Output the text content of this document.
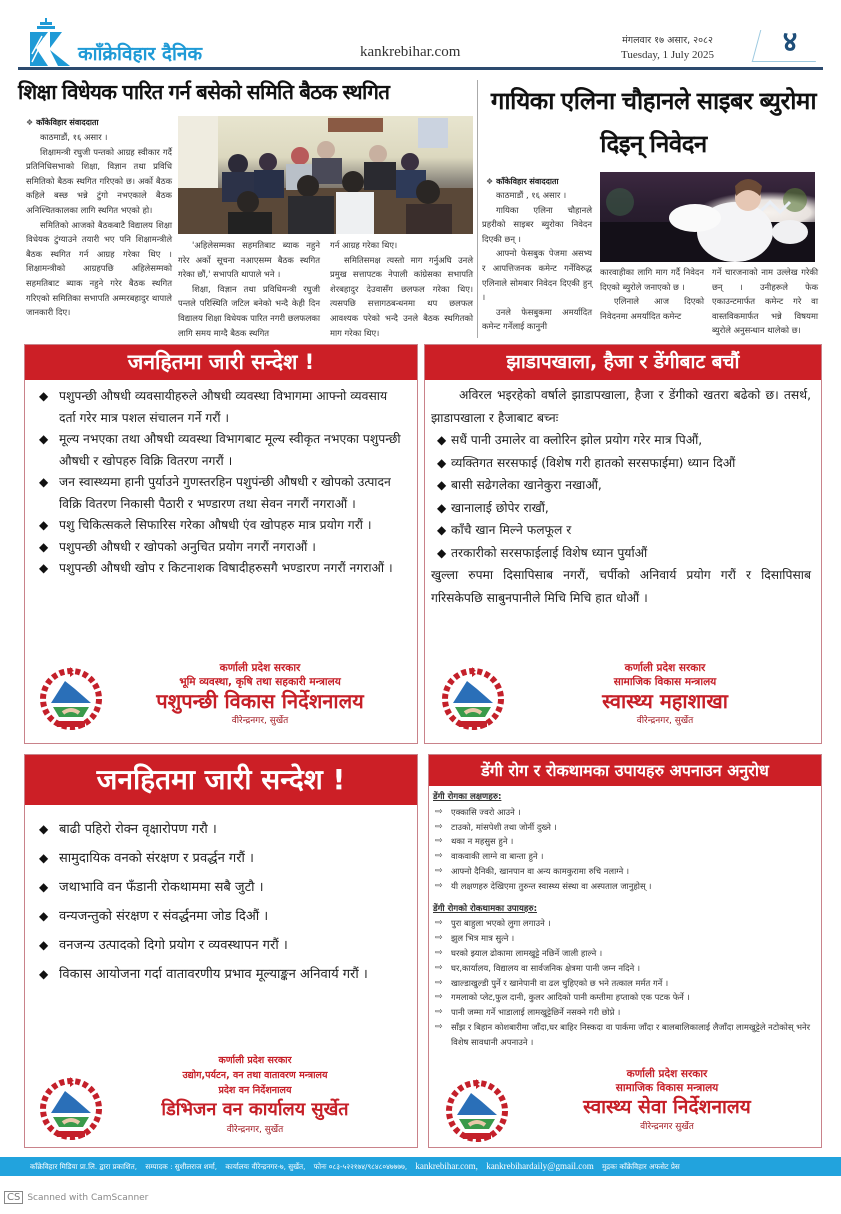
कााँक्रेविहार दैनिक	kankrebihar.com
मंगलवार १७ असार, २०८२
Tuesday, 1 July 2025	४
शिक्षा विधेयक पारित गर्न बसेको समिति बैठक स्थगित
❖ काँकेविहार संवाददाता

काठमाडौं, १६ असार ।

शिक्षामन्त्री रघुजी पन्तको आग्रह स्वीकार गर्दै प्रतिनिधिसभाको शिक्षा, विज्ञान तथा प्रविधि समितिको बैठक स्थगित गरिएको छ। अर्को बैठक कहिले बस्छ भन्ने टुंगो नभएकाले बैठक अनिश्चितकालका लागि स्थगित भएको हो।

समितिको आजको बैठकबाटै विद्यालय शिक्षा विधेयक टुंग्याउने तयारी भए पनि शिक्षामन्त्रीले बैठक स्थगित गर्न आग्रह गरेका थिए । शिक्षामन्त्रीको आग्रहपछि अहिलेसम्मको सहमतिबाट ब्याक नहुने गरेर बैठक स्थगित गरिएको समितिका सभापति अम्मरबहादुर थापाले जानकारी दिए।

'अहिलेसम्मका सहमतिबाट ब्याक नहुने गरेर अर्को सूचना नआएसम्म बैठक स्थगित गरेका छौं,' सभापति थापाले भने ।

शिक्षा, विज्ञान तथा प्रविधिमन्त्री रघुजी पन्तले परिस्थिति जटिल बनेको भन्दै केही दिन विद्यालय शिक्षा विधेयक पारित नगरी छलफलका लागि समय माग्दै बैठक स्थगित

गर्न आग्रह गरेका थिए।

समितिसमक्ष त्यस्तो माग गर्नुअघि उनले प्रमुख सत्तापटक नेपाली कांग्रेसका सभापति शेरबहादुर देउवासँग छलफल गरेका थिए। त्यसपछि सत्तागठबन्धनमा थप छलफल आवश्यक परेको भन्दै उनले बैठक स्थगितको माग गरेका थिए।

गायिका एलिना चौहानले साइबर ब्युरोमा दिइन् निवेदन
❖ काँकेविहार संवाददाता

काठमाडौं , १६ असार ।

गायिका एलिना चौहानले प्रहरीको साइबर ब्युरोका निवेदन दिएकी छन् ।

आफ्नो फेसबुक पेजमा असभ्य र आपत्तिजनक कमेन्ट गर्नेविरुद्ध एलिनाले सोमबार निवेदन दिएकी हुन् ।

उनले फेसबुकमा अमर्यादित कमेन्ट गर्नेलाई कानुनी

कारवाहीका लागि माग गर्दै निवेदन दिएको ब्युरोले जनाएको छ ।

एलिनाले आज दिएको निवेदनमा अमर्यादित कमेन्ट

गर्ने चारजनाको नाम उल्लेख गरेकी छन् । उनीहरूले फेक एकाउन्टमार्फत कमेन्ट गरे वा वास्तविकमार्फत भन्ने विषयमा ब्युरोले अनुसन्धान थालेको छ।

जनहितमा जारी सन्देश !
◆ पशुपन्छी औषधी व्यवसायीहरुले औषधी व्यवस्था विभागमा आफ्नो व्यवसाय दर्ता गरेर मात्र पशल संचालन गर्ने गरौं ।
◆ मूल्य नभएका तथा औषधी व्यवस्था विभागबाट मूल्य स्वीकृत नभएका पशुपन्छी औषधी र खोपहरु विक्रि वितरण नगरौं ।
◆ जन स्वास्थ्यमा हानी पुर्याउने गुणस्तरहिन पशुपंन्छी औषधी र खोपको उत्पादन विक्रि वितरण निकासी पैठारी र भण्डारण तथा सेवन नगरौं नगराऔं ।
◆ पशु चिकित्सकले सिफारिस गरेका औषधी एंव खोपहरु मात्र प्रयोग गरौं ।
◆ पशुपन्छी औषधी र खोपको अनुचित प्रयोग नगरौं नगराऔं ।
◆ पशुपन्छी औषधी खोप र किटनाशक विषादीहरुसगै भण्डारण नगरौं नगराऔं ।
कर्णाली प्रदेश सरकार
भूमि व्यवस्था, कृषि तथा सहकारी मन्त्रालय
पशुपन्छी विकास निर्देशनालय
वीरेन्द्रनगर, सुर्खेत
झाडापखाला, हैजा र डेंगीबाट बचौं

अविरल भइरहेको वर्षाले झाडापखाला, हैजा र डेंगीको खतरा बढेको छ। तसर्थ, झाडापखाला र हैजाबाट बच्नः

◆ सधैं पानी उमालेर वा क्लोरिन झोल प्रयोग गरेर मात्र पिऔं,
◆ व्यक्तिगत सरसफाई (विशेष गरी हातको सरसफाईमा) ध्यान दिऔं
◆ बासी सढेगलेका खानेकुरा नखाऔं,
◆ खानालाई छोपेर राखौं,
◆ काँचै खान मिल्ने फलफूल र
◆ तरकारीको सरसफाईलाई विशेष ध्यान पुर्याऔं

खुल्ला रुपमा दिसापिसाब नगरौं, चर्पीको अनिवार्य प्रयोग गरौं र दिसापिसाब गरिसकेपछि साबुनपानीले मिचि मिचि हात धोऔं ।

कर्णाली प्रदेश सरकार
सामाजिक विकास मन्त्रालय
स्वास्थ्य महाशाखा
वीरेन्द्रनगर, सुर्खेत
जनहितमा जारी सन्देश !
◆ बाढी पहिरो रोक्न वृक्षारोपण गरौ ।
◆ सामुदायिक वनको संरक्षण र प्रवर्द्धन गरौं ।
◆ जथाभावि वन फँडानी रोकथाममा सबै जुटौ ।
◆ वन्यजन्तुको संरक्षण र संवर्द्धनमा जोड दिऔं ।
◆ वनजन्य उत्पादको दिगो प्रयोग र व्यवस्थापन गरौं ।
◆ विकास आयोजना गर्दा वातावरणीय प्रभाव मूल्याङ्कन अनिवार्य गरौं ।
कर्णाली प्रदेश सरकार
उद्योग,पर्यटन, वन तथा वातावरण मन्त्रालय
प्रदेश वन निर्देशनालय
डिभिजन वन कार्यालय सुर्खेत
वीरेन्द्रनगर, सुर्खेत
डेंगी रोग र रोकथामका उपायहरु अपनाउन अनुरोध
डेंगी रोगका लक्षणहरु:
⇨ एक्कासि ज्वरो आउने ।
⇨ टाउको, मांसपेशी तथा जोर्नी दुख्ने ।
⇨ थका न महसुस हुने ।
⇨ वाकवाकी लाग्ने वा बान्ता हुने ।
⇨ आफ्नो दैनिकी, खानपान वा अन्य कामकुरामा रुचि नलाग्ने ।
⇨ यी लक्षणहरु देखिएमा तुरुन्त स्वास्थ्य संस्था वा अस्पताल जानुहोस् ।
डेंगी रोगको रोकथामका उपायहरु:
⇨ पुरा बाहुला भएको लुगा लगाउने ।
⇨ झुल भित्र मात्र सुत्ने ।
⇨ घरको झ्याल ढोकामा लामखुट्टे नछिर्ने जाली हाल्ने ।
⇨ घर,कार्यालय, विद्यालय वा सार्वजनिक क्षेत्रमा पानी जम्न नदिने ।
⇨ खाल्डाखुल्डी पुर्ने र खानेपानी वा ढल चुहिएको छ भने तत्काल मर्मत गर्ने ।
⇨ गमलाको प्लेट,फुल दानी, कुलर आदिको पानी कम्तीमा हप्ताको एक पटक फेर्ने ।
⇨ पानी जम्मा गर्ने भाडालाई लामखुट्टेछिर्ने नसक्ने गरी छोप्ने ।
⇨ साँझ र बिहान कोशबारीमा जाँदा,घर बाहिर निस्कदा वा पार्कमा जाँदा र बालबालिकालाई लैजाँदा लामखुट्टेले नटोकोस् भनेर विशेष सावधानी अपनाउने ।
कर्णाली प्रदेश सरकार
सामाजिक विकास मन्त्रालय
स्वास्थ्य सेवा निर्देशनालय
वीरेन्द्रनगर सुर्खेत
काँक्रेविहार मिडिया प्रा.लि. द्वारा प्रकाशित, सम्पादक : सुशीलराज शर्मा, कार्यालयः वीरेन्द्रनगर-७, सुर्खेत, फोनः ०८३-५२२१७४/९८४८०४७७७७, kankrebihar.com, kankrebihardaily@gmail.com मुद्रकः काँक्रेविहार अफसेट प्रेस
CS Scanned with CamScanner
